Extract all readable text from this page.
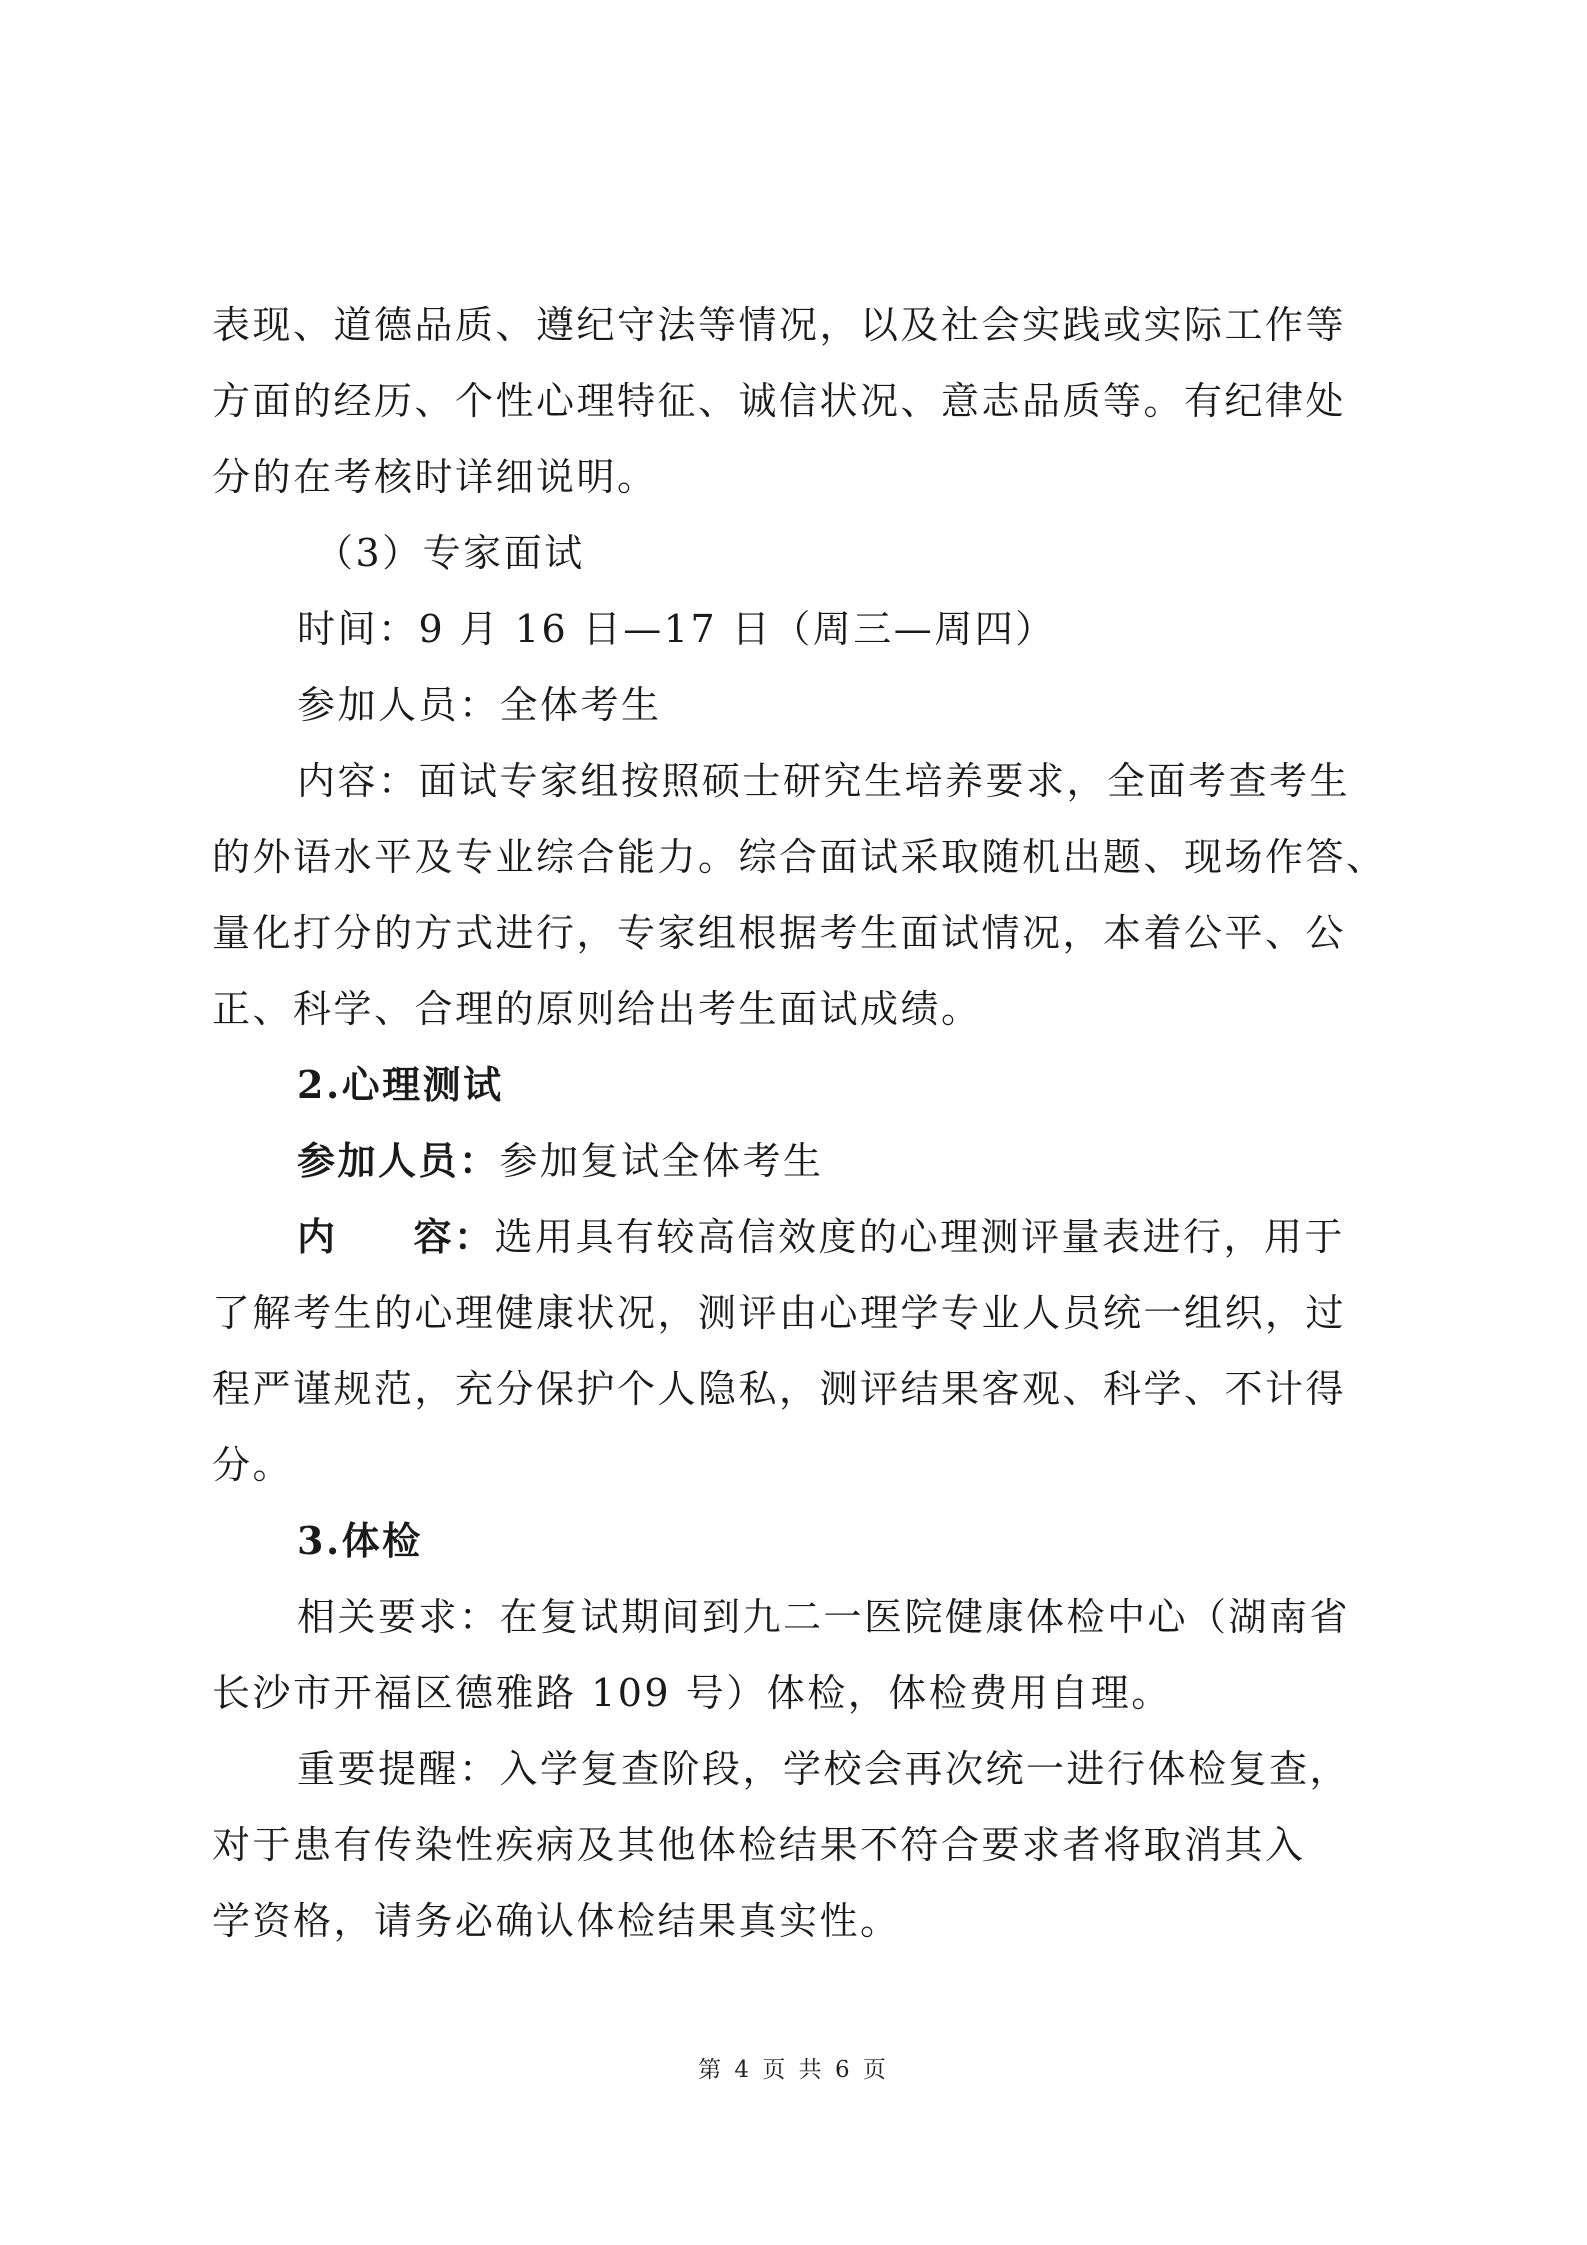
表现、道德品质、遵纪守法等情况，以及社会实践或实际工作等
方面的经历、个性心理特征、诚信状况、意志品质等。有纪律处
分的在考核时详细说明。
（3）专家面试
时间：9 月 16 日—17 日（周三—周四）
参加人员：全体考生
内容：面试专家组按照硕士研究生培养要求，全面考查考生
的外语水平及专业综合能力。综合面试采取随机出题、现场作答、
量化打分的方式进行，专家组根据考生面试情况，本着公平、公
正、科学、合理的原则给出考生面试成绩。
2.心理测试
参加人员：参加复试全体考生
内 容：选用具有较高信效度的心理测评量表进行，用于
了解考生的心理健康状况，测评由心理学专业人员统一组织，过
程严谨规范，充分保护个人隐私，测评结果客观、科学、不计得
分。
3.体检
相关要求：在复试期间到九二一医院健康体检中心（湖南省
长沙市开福区德雅路 109 号）体检，体检费用自理。
重要提醒：入学复查阶段，学校会再次统一进行体检复查，
对于患有传染性疾病及其他体检结果不符合要求者将取消其入
学资格，请务必确认体检结果真实性。
第 4 页 共 6 页
